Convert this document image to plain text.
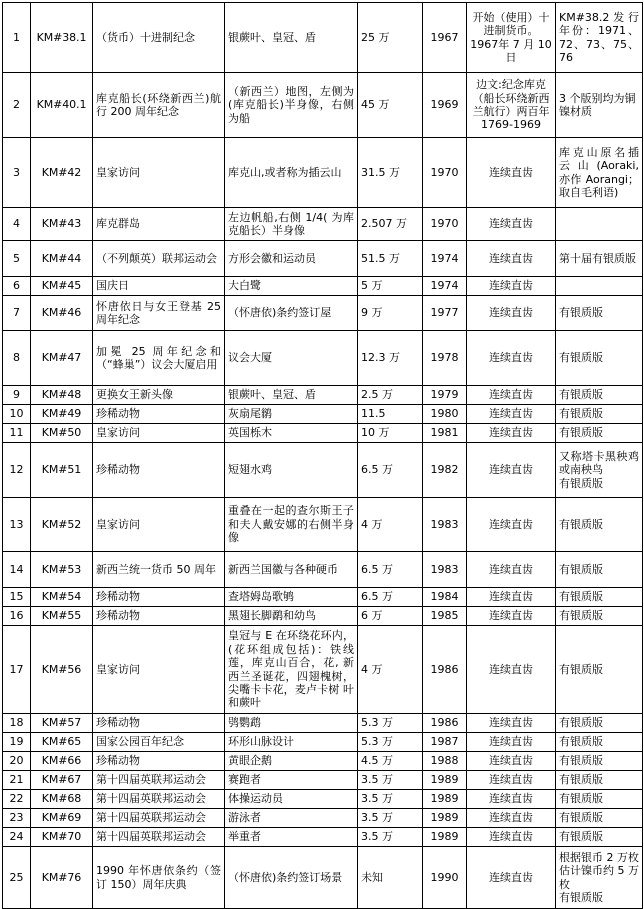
1	KM#38.1	（货币）十进制纪念	银蕨叶、皇冠、盾	25 万	1967	开始（使用）十进制货币。1967年 7 月 10 日	KM#38.2发行年份：1971、72、73、75、76
2	KM#40.1	库克船长(环绕新西兰)航行 200 周年纪念	（新西兰）地图，左侧为(库克船长)半身像，右侧为船	45 万	1969	边文:纪念库克（船长环绕新西兰航行）两百年 1769-1969	3 个版别均为铜镍材质
3	KM#42	皇家访问	库克山,或者称为插云山	31.5 万	1970	连续直齿	库克山原名插 云 山 (Aoraki, 亦作 Aorangi；取自毛利语)
4	KM#43	库克群岛	左边帆船,右侧 1/4( 为库克船长）半身像	2.507 万	1970	连续直齿	
5	KM#44	（不列颠英）联邦运动会	方形会徽和运动员	51.5 万	1974	连续直齿	第十届有银质版
6	KM#45	国庆日	大白鹭	5 万	1974	连续直齿	
7	KM#46	怀唐依日与女王登基 25 周年纪念	（怀唐依)条约签订屋	9 万	1977	连续直齿	有银质版
8	KM#47	加冕 25 周年纪念和（“蜂巢”）议会大厦启用	议会大厦	12.3 万	1978	连续直齿	有银质版
9	KM#48	更换女王新头像	银蕨叶、皇冠、盾	2.5 万	1979	连续直齿	有银质版
10	KM#49	珍稀动物	灰扇尾鹟	11.5	1980	连续直齿	有银质版
11	KM#50	皇家访问	英国栎木	10 万	1981	连续直齿	有银质版
12	KM#51	珍稀动物	短翅水鸡	6.5 万	1982	连续直齿	又称塔卡黑秧鸡或南秧鸟
有银质版
13	KM#52	皇家访问	重叠在一起的查尔斯王子和夫人戴安娜的右侧半身像	4 万	1983	连续直齿	有银质版
14	KM#53	新西兰统一货币 50 周年	新西兰国徽与各种硬币	6.5 万	1983	连续直齿	有银质版
15	KM#54	珍稀动物	查塔姆岛歌鸲	6.5 万	1984	连续直齿	有银质版
16	KM#55	珍稀动物	黑翅长脚鹬和幼鸟	6 万	1985	连续直齿	有银质版
17	KM#56	皇家访问	皇冠与 E 在环绕花环内，(花环组成包括)：铁线莲，库克山百合，花, 新西兰圣诞花，四翅槐树，尖嘴卡卡花，麦卢卡树 叶和蕨叶	4 万	1986	连续直齿	有银质版
18	KM#57	珍稀动物	鸮鹦鹉	5.3 万	1986	连续直齿	有银质版
19	KM#65	国家公园百年纪念	环形山脉设计	5.3 万	1987	连续直齿	有银质版
20	KM#66	珍稀动物	黄眼企鹅	4.5 万	1988	连续直齿	有银质版
21	KM#67	第十四届英联邦运动会	赛跑者	3.5 万	1989	连续直齿	有银质版
22	KM#68	第十四届英联邦运动会	体操运动员	3.5 万	1989	连续直齿	有银质版
23	KM#69	第十四届英联邦运动会	游泳者	3.5 万	1989	连续直齿	有银质版
24	KM#70	第十四届英联邦运动会	举重者	3.5 万	1989	连续直齿	有银质版
25	KM#76	1990 年怀唐依条约（签订 150）周年庆典	（怀唐依)条约签订场景	未知	1990	连续直齿	根据银币 2 万枚估计镍币约 5 万枚
有银质版
